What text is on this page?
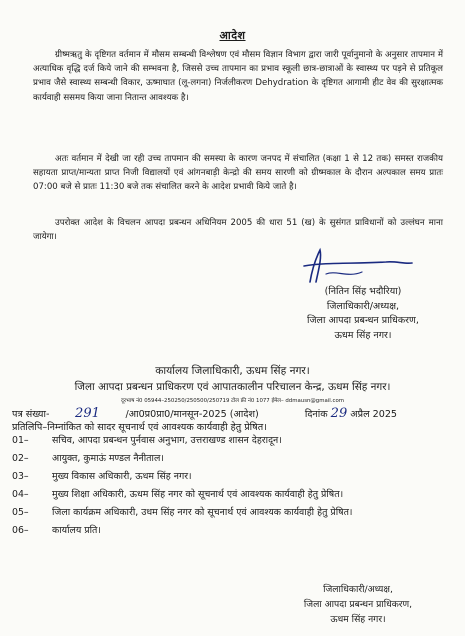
आदेश
ग्रीष्मऋतु के दृष्टिगत वर्तमान में मौसम सम्बन्धी विश्लेषण एवं मौसम विज्ञान विभाग द्वारा जारी पूर्वानुमानो के अनुसार तापमान में अत्याधिक वृद्धि दर्ज किये जाने की सम्भवना है, जिससे उच्च तापमान का प्रभाव स्कूली छात्र-छात्राओं के स्वास्थ्य पर पड़ने से प्रतिकूल प्रभाव जैसे स्वास्थ्य सम्बन्धी विकार, ऊष्माघात (लू-लगना) निर्जलीकरण Dehydration के दृष्टिगत आगामी हीट वेव की सुरक्षात्मक कार्यवाही ससमय किया जाना नितान्त आवश्यक है।
अतः वर्तमान में देखी जा रही उच्च तापमान की समस्या के कारण जनपद में संचालित (कक्षा 1 से 12 तक) समस्त राजकीय सहायता प्राप्त/मान्यता प्राप्त निजी विद्यालयों एवं आंगनबाड़ी केन्द्रो की समय सारणी को ग्रीष्मकाल के दौरान अल्पकाल समय प्रातः 07:00 बजे से प्रातः 11:30 बजे तक संचालित करने के आदेश प्रभावी किये जाते है।
उपरोक्त आदेश के विचलन आपदा प्रबन्धन अधिनियम 2005 की धारा 51 (ख) के सुसंगत प्राविधानों को उल्लंघन माना जायेगा।
(नितिन सिंह भदौरिया)
जिलाधिकारी/अध्यक्ष,
जिला आपदा प्रबन्धन प्राधिकरण,
ऊधम सिंह नगर।
कार्यालय जिलाधिकारी, ऊधम सिंह नगर।
जिला आपदा प्रबन्धन प्राधिकरण एवं आपातकालीन परिचालन केन्द्र, ऊधम सिंह नगर।
दूरभाष नं0 05944–250250/250500/250719 टोल फ्री नं0 1077 ईमेल– ddmausn@gmail.com
पत्र संख्या- 291	/आ0प्र0प्रा0/मानसून-2025 (आदेश)	दिनांक 29 अप्रैल 2025
प्रतिलिपि–निम्नांकित को सादर सूचनार्थ एवं आवश्यक कार्यवाही हेतु प्रेषित।
01–	सचिव, आपदा प्रबन्धन पुर्नवास अनुभाग, उत्तराखण्ड शासन देहरादून।
02–	आयुक्त, कुमाऊं मण्डल नैनीताल।
03–	मुख्य विकास अधिकारी, ऊधम सिंह नगर।
04–	मुख्य शिक्षा अधिकारी, ऊधम सिंह नगर को सूचनार्थ एवं आवश्यक कार्यवाही हेतु प्रेषित।
05–	जिला कार्यक्रम अधिकारी, उधम सिंह नगर को सूचनार्थ एवं आवश्यक कार्यवाही हेतु प्रेषित।
06–	कार्यालय प्रति।
जिलाधिकारी/अध्यक्ष,
जिला आपदा प्रबन्धन प्राधिकरण,
ऊधम सिंह नगर।
